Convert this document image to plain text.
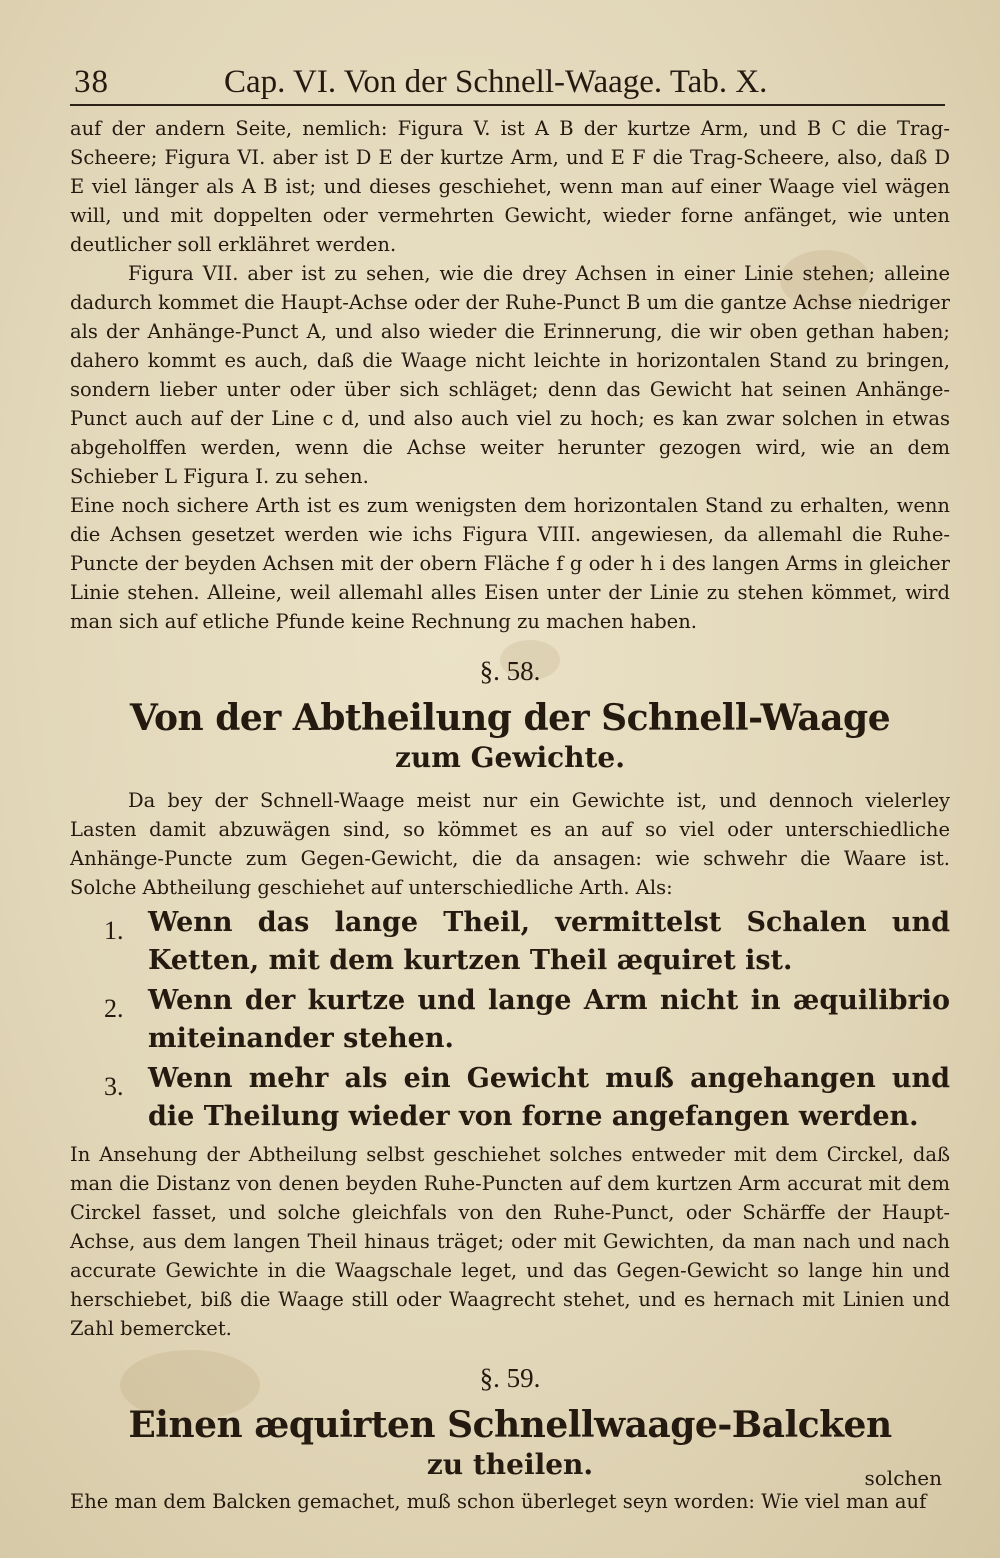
38	Cap. VI. Von der Schnell-Waage. Tab. X.

auf der andern Seite, nemlich: Figura V. ist A B der kurtze Arm, und B C die Trag-Scheere; Figura VI. aber ist D E der kurtze Arm, und E F die Trag-Scheere, also, daß D E viel länger als A B ist; und dieses geschiehet, wenn man auf einer Waage viel wägen will, und mit doppelten oder vermehrten Gewicht, wieder forne anfänget, wie unten deutlicher soll erklähret werden.

Figura VII. aber ist zu sehen, wie die drey Achsen in einer Linie stehen; alleine dadurch kommet die Haupt-Achse oder der Ruhe-Punct B um die gantze Achse niedriger als der Anhänge-Punct A, und also wieder die Erinnerung, die wir oben gethan haben; dahero kommt es auch, daß die Waage nicht leichte in horizontalen Stand zu bringen, sondern lieber unter oder über sich schläget; denn das Gewicht hat seinen Anhänge-Punct auch auf der Line c d, und also auch viel zu hoch; es kan zwar solchen in etwas abgeholffen werden, wenn die Achse weiter herunter gezogen wird, wie an dem Schieber L Figura I. zu sehen.

Eine noch sichere Arth ist es zum wenigsten dem horizontalen Stand zu erhalten, wenn die Achsen gesetzet werden wie ichs Figura VIII. angewiesen, da allemahl die Ruhe-Puncte der beyden Achsen mit der obern Fläche f g oder h i des langen Arms in gleicher Linie stehen. Alleine, weil allemahl alles Eisen unter der Linie zu stehen kömmet, wird man sich auf etliche Pfunde keine Rechnung zu machen haben.

§. 58.
Von der Abtheilung der Schnell-Waage
zum Gewichte.

Da bey der Schnell-Waage meist nur ein Gewichte ist, und dennoch vielerley Lasten damit abzuwägen sind, so kömmet es an auf so viel oder unterschiedliche Anhänge-Puncte zum Gegen-Gewicht, die da ansagen: wie schwehr die Waare ist. Solche Abtheilung geschiehet auf unterschiedliche Arth. Als:

1. Wenn das lange Theil, vermittelst Schalen und Ketten, mit dem kurtzen Theil æquiret ist.
2. Wenn der kurtze und lange Arm nicht in æquilibrio miteinander stehen.
3. Wenn mehr als ein Gewicht muß angehangen und die Theilung wieder von forne angefangen werden.

In Ansehung der Abtheilung selbst geschiehet solches entweder mit dem Circkel, daß man die Distanz von denen beyden Ruhe-Puncten auf dem kurtzen Arm accurat mit dem Circkel fasset, und solche gleichfals von den Ruhe-Punct, oder Schärffe der Haupt-Achse, aus dem langen Theil hinaus träget; oder mit Gewichten, da man nach und nach accurate Gewichte in die Waagschale leget, und das Gegen-Gewicht so lange hin und herschiebet, biß die Waage still oder Waagrecht stehet, und es hernach mit Linien und Zahl bemercket.

§. 59.
Einen æquirten Schnellwaage-Balcken
zu theilen.

Ehe man dem Balcken gemachet, muß schon überleget seyn worden: Wie viel man auf

solchen
